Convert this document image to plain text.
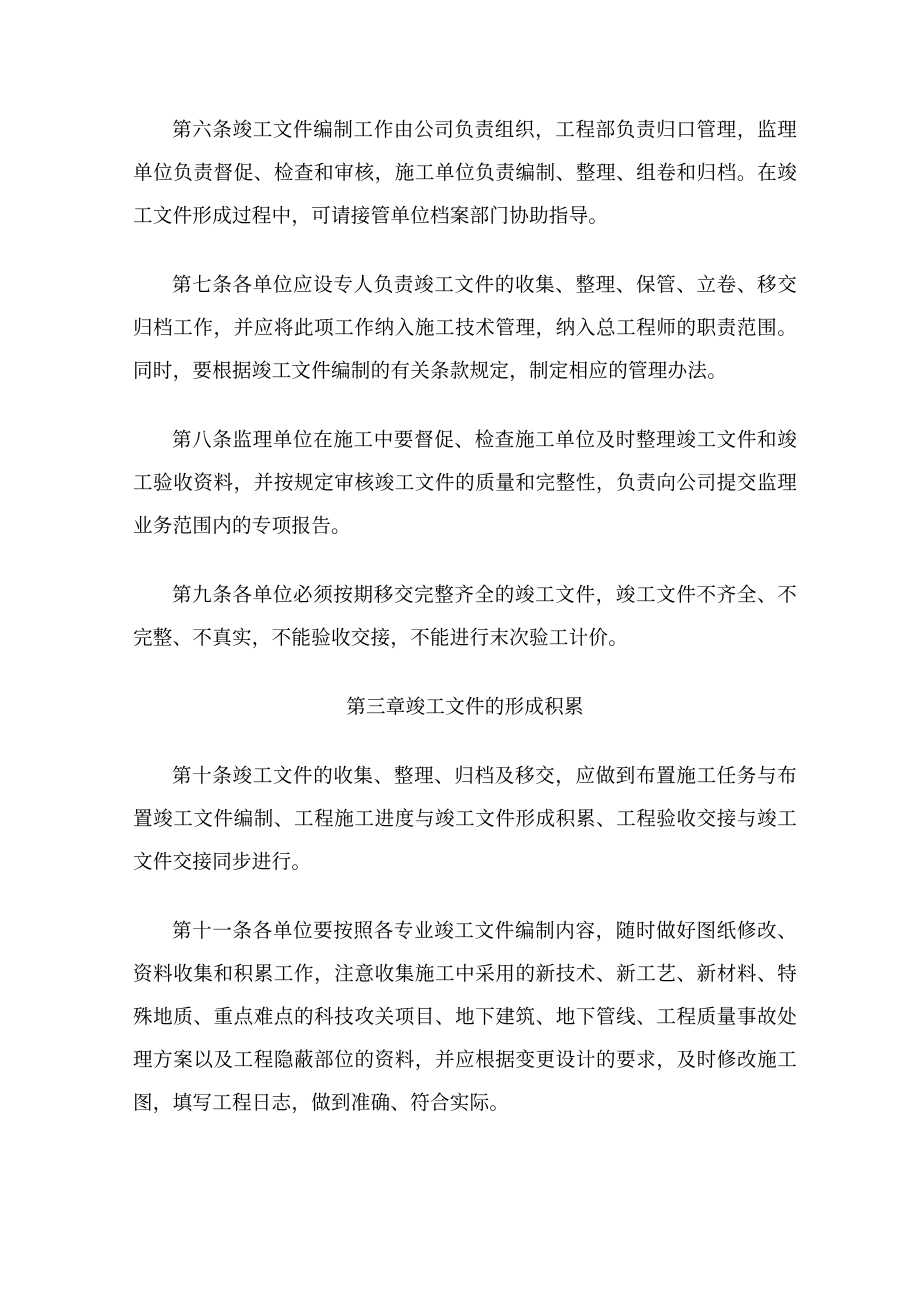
第六条竣工文件编制工作由公司负责组织，工程部负责归口管理，监理单位负责督促、检查和审核，施工单位负责编制、整理、组卷和归档。在竣工文件形成过程中，可请接管单位档案部门协助指导。

第七条各单位应设专人负责竣工文件的收集、整理、保管、立卷、移交归档工作，并应将此项工作纳入施工技术管理，纳入总工程师的职责范围。同时，要根据竣工文件编制的有关条款规定，制定相应的管理办法。

第八条监理单位在施工中要督促、检查施工单位及时整理竣工文件和竣工验收资料，并按规定审核竣工文件的质量和完整性，负责向公司提交监理业务范围内的专项报告。

第九条各单位必须按期移交完整齐全的竣工文件，竣工文件不齐全、不完整、不真实，不能验收交接，不能进行末次验工计价。

第三章竣工文件的形成积累

第十条竣工文件的收集、整理、归档及移交，应做到布置施工任务与布置竣工文件编制、工程施工进度与竣工文件形成积累、工程验收交接与竣工文件交接同步进行。

第十一条各单位要按照各专业竣工文件编制内容，随时做好图纸修改、资料收集和积累工作，注意收集施工中采用的新技术、新工艺、新材料、特殊地质、重点难点的科技攻关项目、地下建筑、地下管线、工程质量事故处理方案以及工程隐蔽部位的资料，并应根据变更设计的要求，及时修改施工图，填写工程日志，做到准确、符合实际。
